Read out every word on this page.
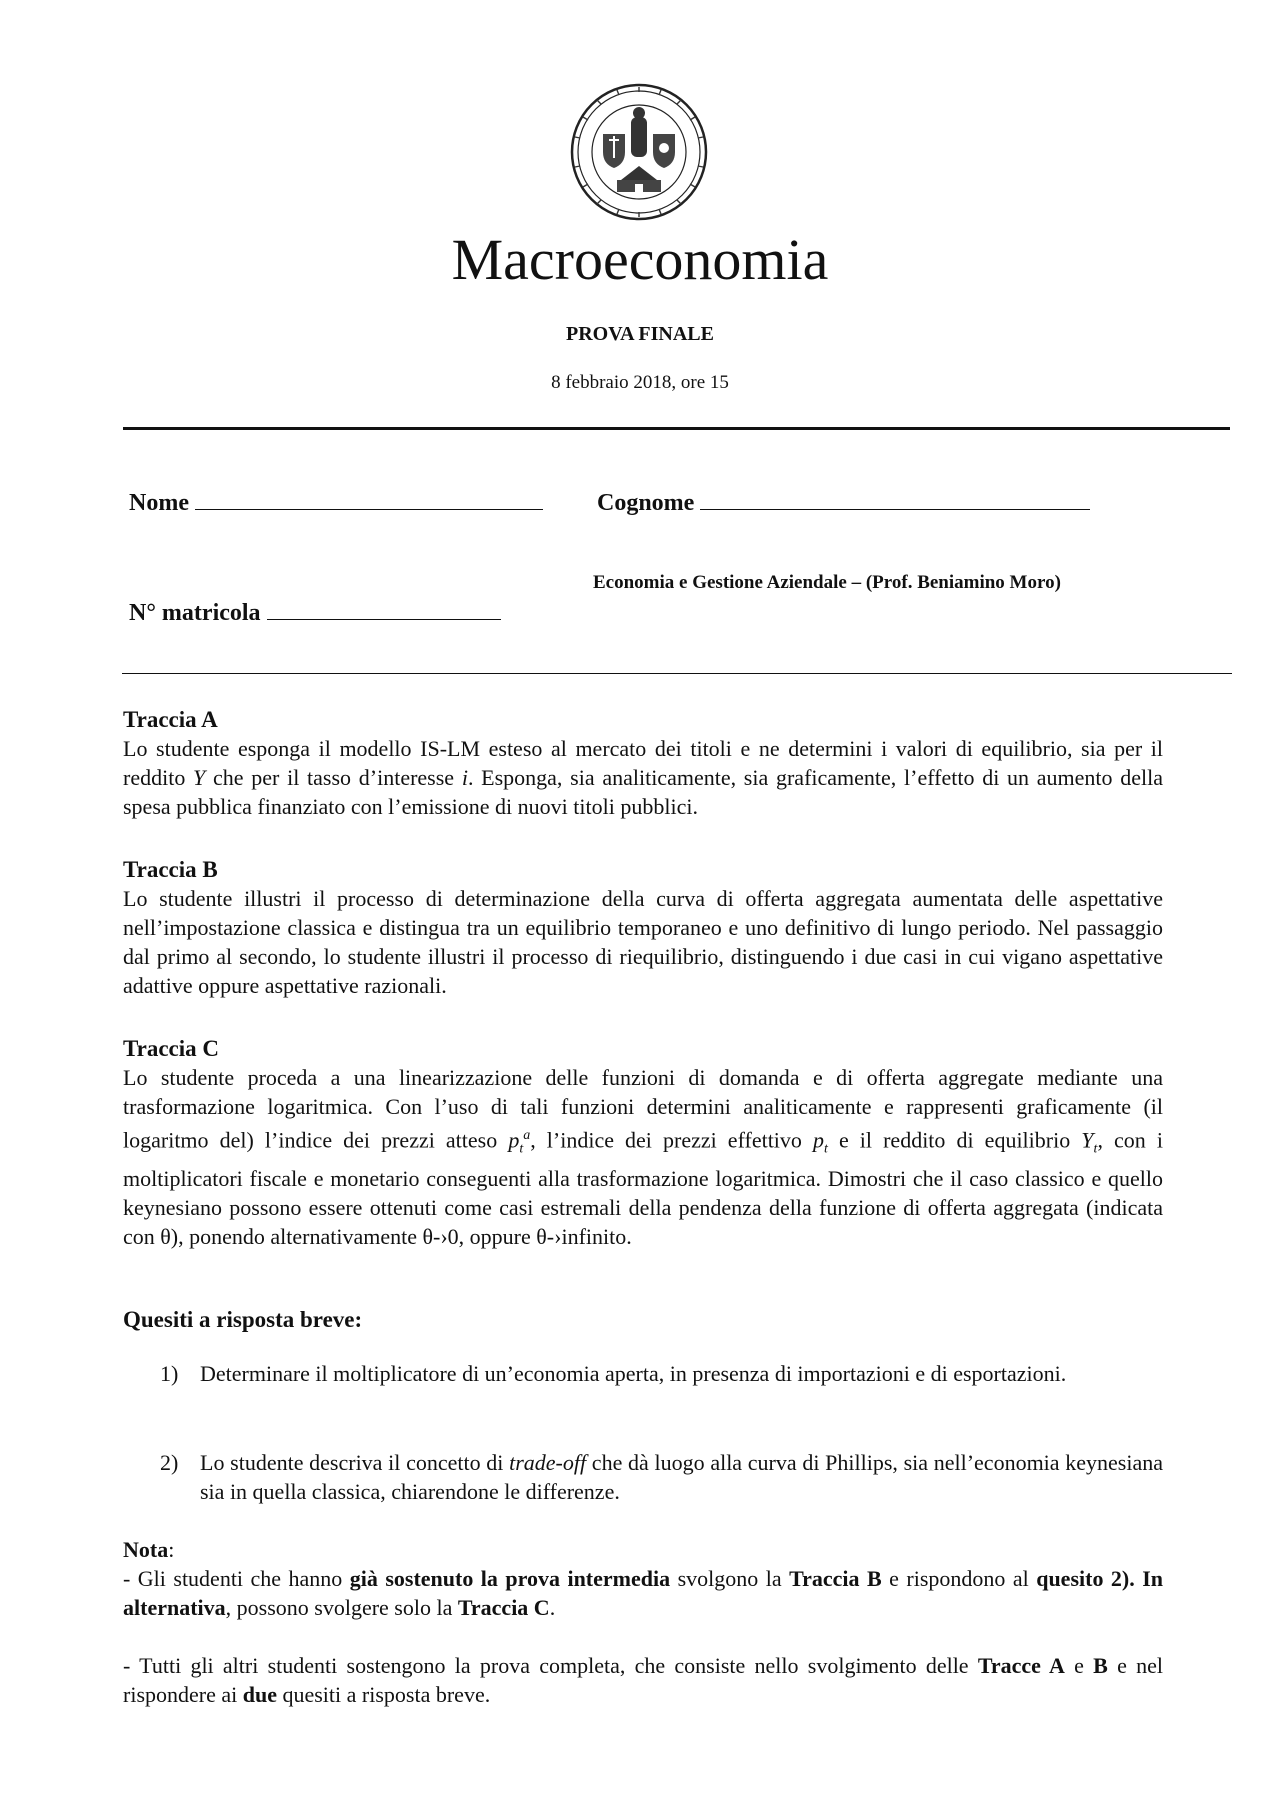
Macroeconomia
PROVA FINALE
8 febbraio 2018, ore 15
Nome	Cognome
Economia e Gestione Aziendale – (Prof. Beniamino Moro)
N° matricola
Traccia A

Lo studente esponga il modello IS-LM esteso al mercato dei titoli e ne determini i valori di equilibrio, sia per il reddito Y che per il tasso d’interesse i. Esponga, sia analiticamente, sia graficamente, l’effetto di un aumento della spesa pubblica finanziato con l’emissione di nuovi titoli pubblici.

Traccia B

Lo studente illustri il processo di determinazione della curva di offerta aggregata aumentata delle aspettative nell’impostazione classica e distingua tra un equilibrio temporaneo e uno definitivo di lungo periodo. Nel passaggio dal primo al secondo, lo studente illustri il processo di riequilibrio, distinguendo i due casi in cui vigano aspettative adattive oppure aspettative razionali.

Traccia C

Lo studente proceda a una linearizzazione delle funzioni di domanda e di offerta aggregate mediante una trasformazione logaritmica. Con l’uso di tali funzioni determini analiticamente e rappresenti graficamente (il logaritmo del) l’indice dei prezzi atteso $p_t^a$, l’indice dei prezzi effettivo $p_t$ e il reddito di equilibrio $Y_t$, con i moltiplicatori fiscale e monetario conseguenti alla trasformazione logaritmica. Dimostri che il caso classico e quello keynesiano possono essere ottenuti come casi estremali della pendenza della funzione di offerta aggregata (indicata con θ), ponendo alternativamente θ-›0, oppure θ-›infinito.

Quesiti a risposta breve:
1) Determinare il moltiplicatore di un’economia aperta, in presenza di importazioni e di esportazioni.
2) Lo studente descriva il concetto di trade-off che dà luogo alla curva di Phillips, sia nell’economia keynesiana sia in quella classica, chiarendone le differenze.

Nota:

- Gli studenti che hanno già sostenuto la prova intermedia svolgono la Traccia B e rispondono al quesito 2). In alternativa, possono svolgere solo la Traccia C.

- Tutti gli altri studenti sostengono la prova completa, che consiste nello svolgimento delle Tracce A e B e nel rispondere ai due quesiti a risposta breve.
